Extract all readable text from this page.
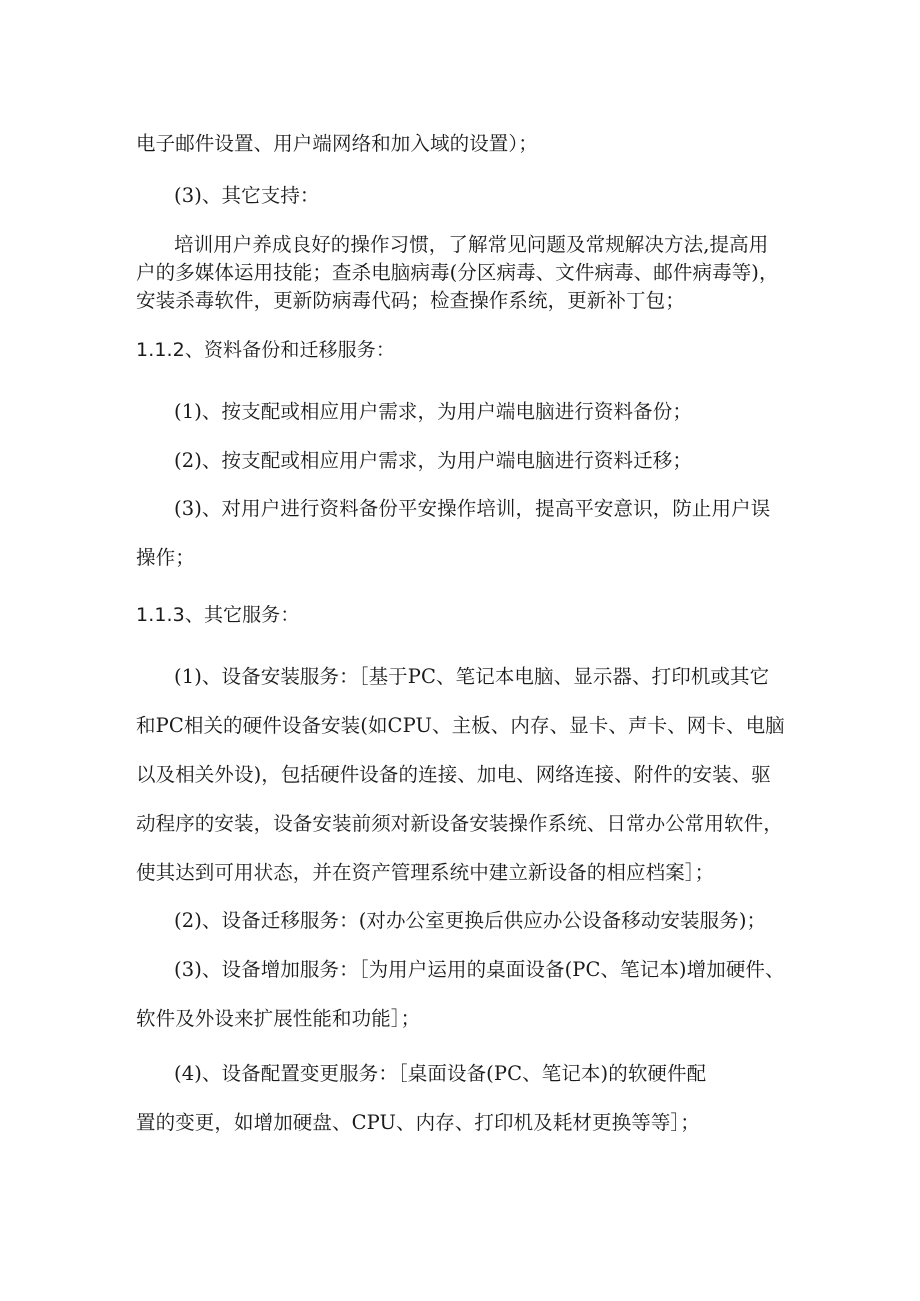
电子邮件设置、用户端网络和加入域的设置）；
(3)、其它支持：
培训用户养成良好的操作习惯，了解常见问题及常规解决方法,提高用
户的多媒体运用技能；查杀电脑病毒(分区病毒、文件病毒、邮件病毒等)，
安装杀毒软件，更新防病毒代码；检查操作系统，更新补丁包；
1.1.2、资料备份和迁移服务：
(1)、按支配或相应用户需求，为用户端电脑进行资料备份；
(2)、按支配或相应用户需求，为用户端电脑进行资料迁移；
(3)、对用户进行资料备份平安操作培训，提高平安意识，防止用户误
操作；
1.1.3、其它服务：
(1)、设备安装服务：［基于PC、笔记本电脑、显示器、打印机或其它
和PC相关的硬件设备安装(如CPU、主板、内存、显卡、声卡、网卡、电脑
以及相关外设)，包括硬件设备的连接、加电、网络连接、附件的安装、驱
动程序的安装，设备安装前须对新设备安装操作系统、日常办公常用软件，
使其达到可用状态，并在资产管理系统中建立新设备的相应档案］；
(2)、设备迁移服务：(对办公室更换后供应办公设备移动安装服务)；
(3)、设备增加服务：［为用户运用的桌面设备(PC、笔记本)增加硬件、
软件及外设来扩展性能和功能］；
(4)、设备配置变更服务：［桌面设备(PC、笔记本)的软硬件配
置的变更，如增加硬盘、CPU、内存、打印机及耗材更换等等］；
